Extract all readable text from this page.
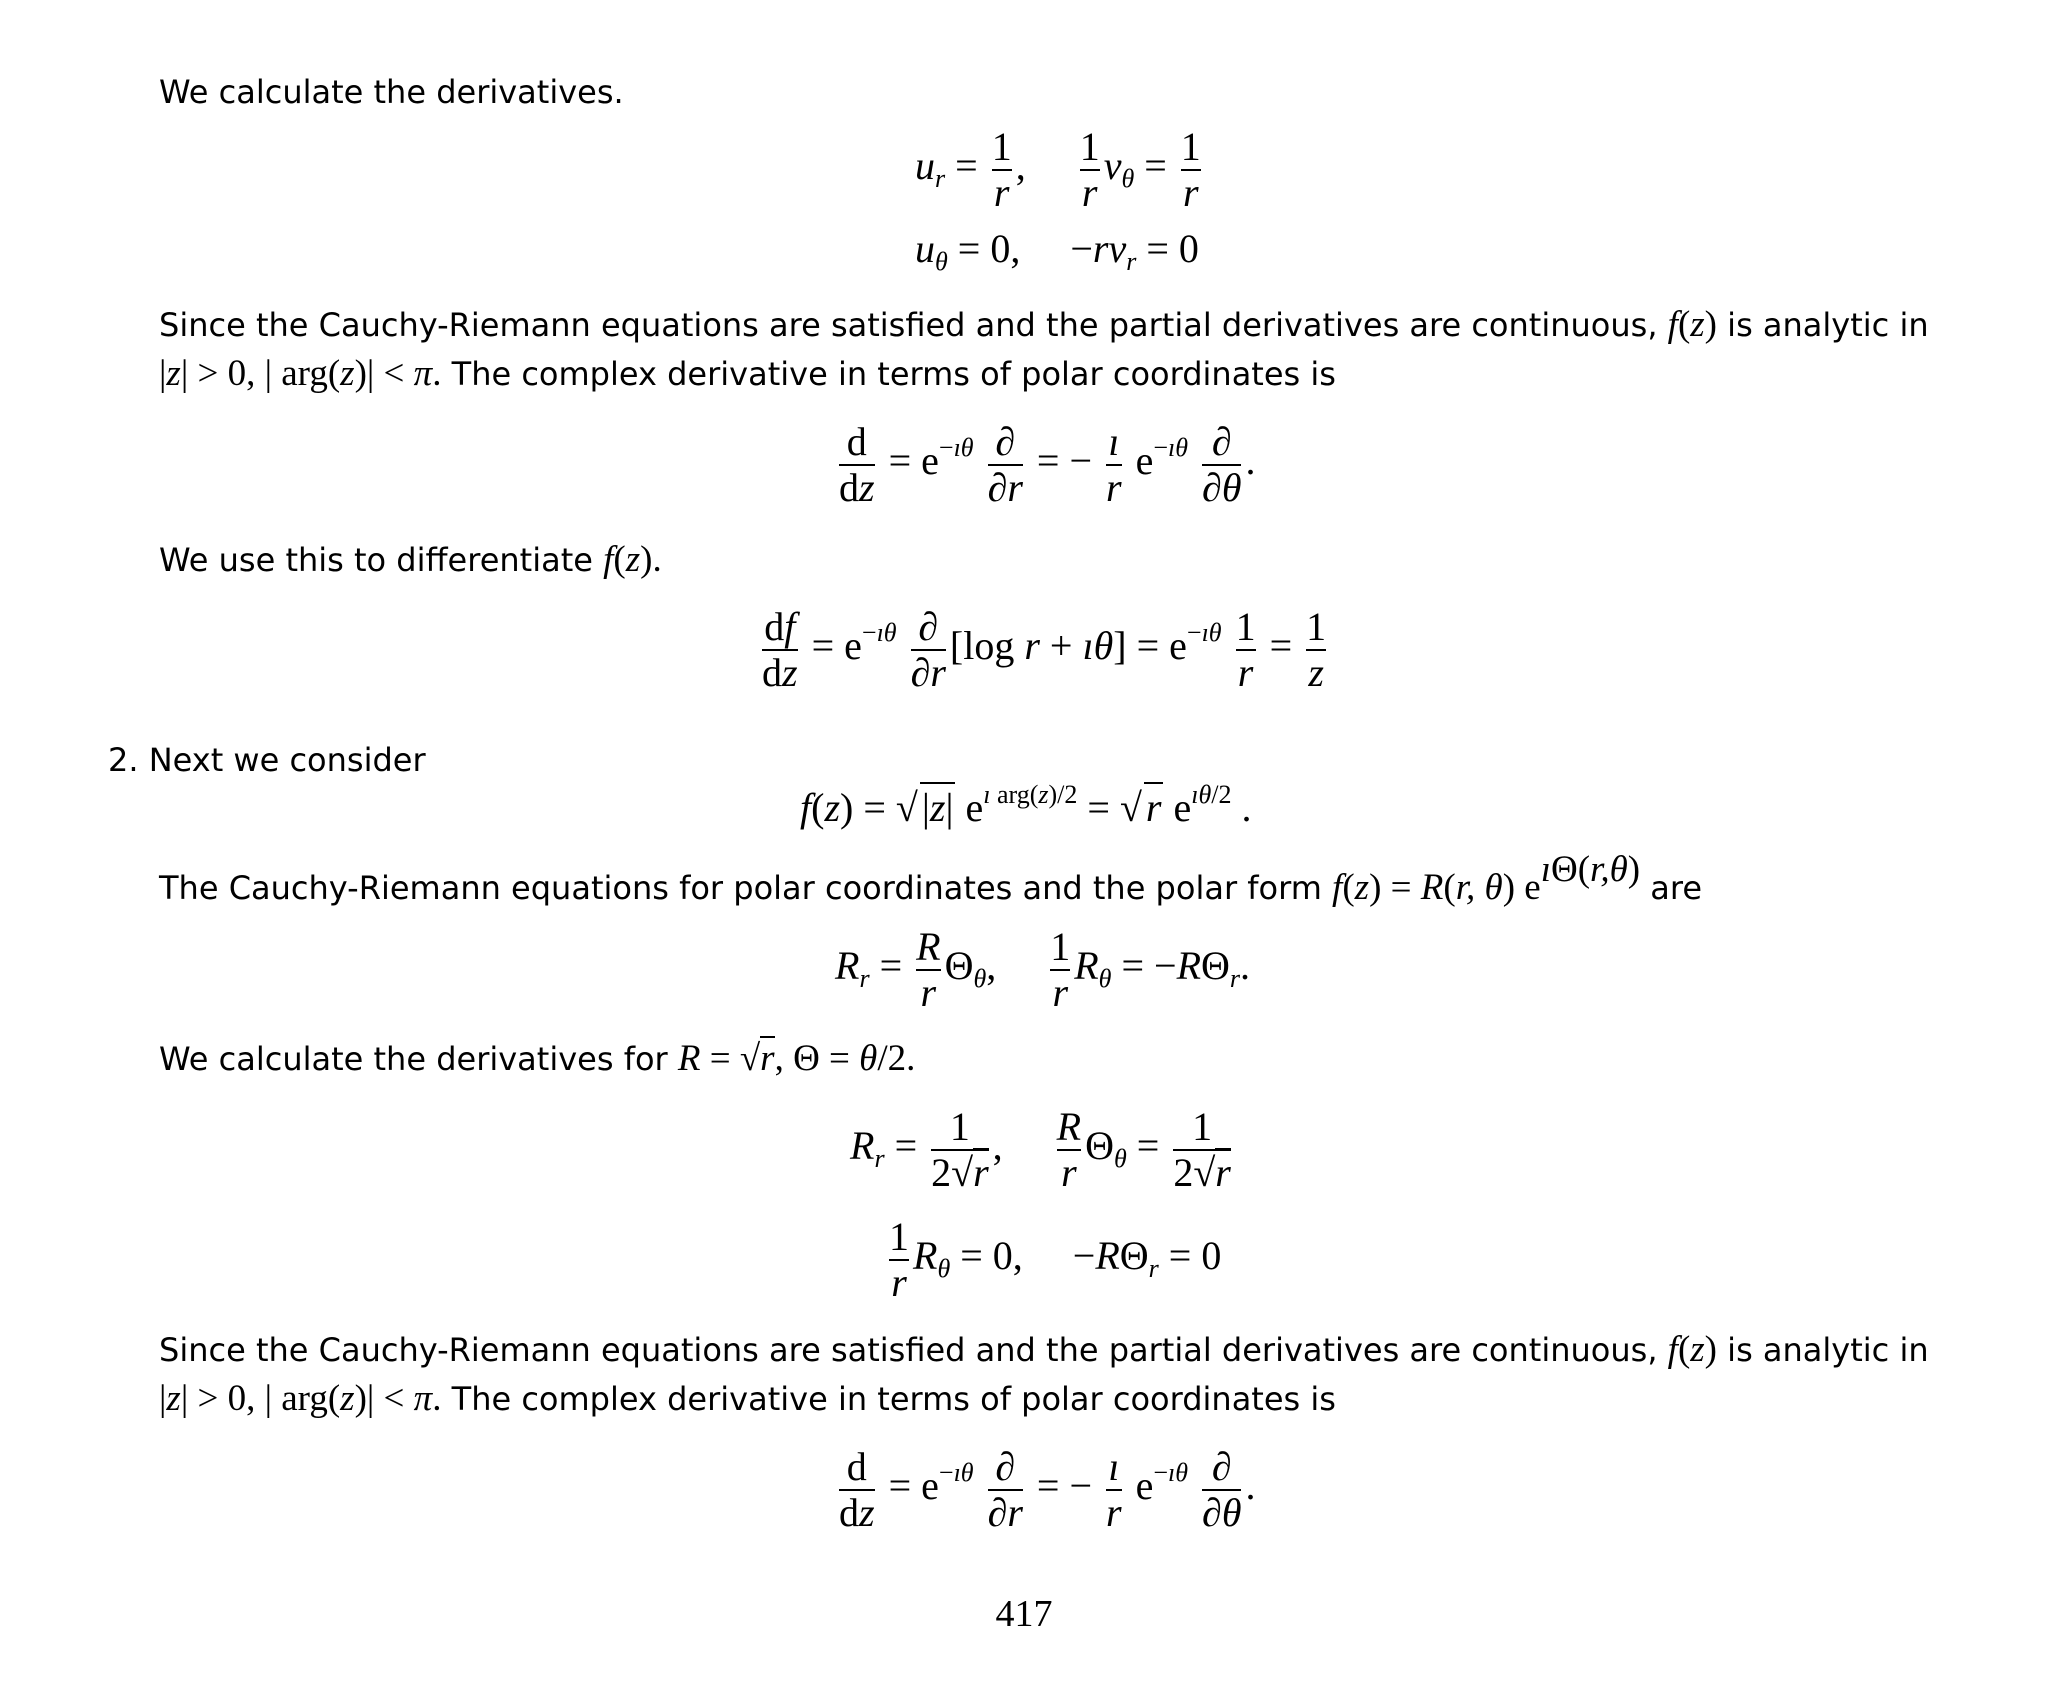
We calculate the derivatives.
$u_r = \frac{1}{r}$ , $\frac{1}{r} v_\theta = \frac{1}{r}$
$u_\theta = 0$,     $-rv_r = 0$
Since the Cauchy-Riemann equations are satisfied and the partial derivatives are continuous, f(z) is analytic in
|z| > 0, | arg(z)| < π. The complex derivative in terms of polar coordinates is
$\frac{d}{dz} = e^{-ı\theta} \frac{\partial}{\partial r}$ = − $\frac{ı}{r} e^{-ı\theta} \frac{\partial}{\partial\theta}$ .
We use this to differentiate f(z).
$\frac{df}{dz} = e^{-ı\theta} \frac{\partial}{\partial r} [\log$ r + ıθ] = $e^{-ı\theta} \frac{1}{r} = \frac{1}{z}$
2. Next we consider
f(z) = √ |z| $e^{ı arg(z)/2}$ = √ r $e^{ı\theta/2}$ .
The Cauchy-Riemann equations for polar coordinates and the polar form f(z) = R(r, θ) $e^{ı\Theta(r,\theta)}$ are
$R_r = \frac{R}{r} \Theta_\theta$, $\frac{1}{r} R_\theta = -R\Theta_r$.
We calculate the derivatives for R = √r, Θ = θ/2.
$R_r = \frac{1}{2√r}$ , $\frac{R}{r} \Theta_\theta = \frac{1}{2√r}$
$\frac{1}{r} R_\theta = 0$,     $-R\Theta_r = 0$
Since the Cauchy-Riemann equations are satisfied and the partial derivatives are continuous, f(z) is analytic in
|z| > 0, | arg(z)| < π. The complex derivative in terms of polar coordinates is
$\frac{d}{dz} = e^{-ı\theta} \frac{\partial}{\partial r}$ = − $\frac{ı}{r} e^{-ı\theta} \frac{\partial}{\partial\theta}$ .
417
